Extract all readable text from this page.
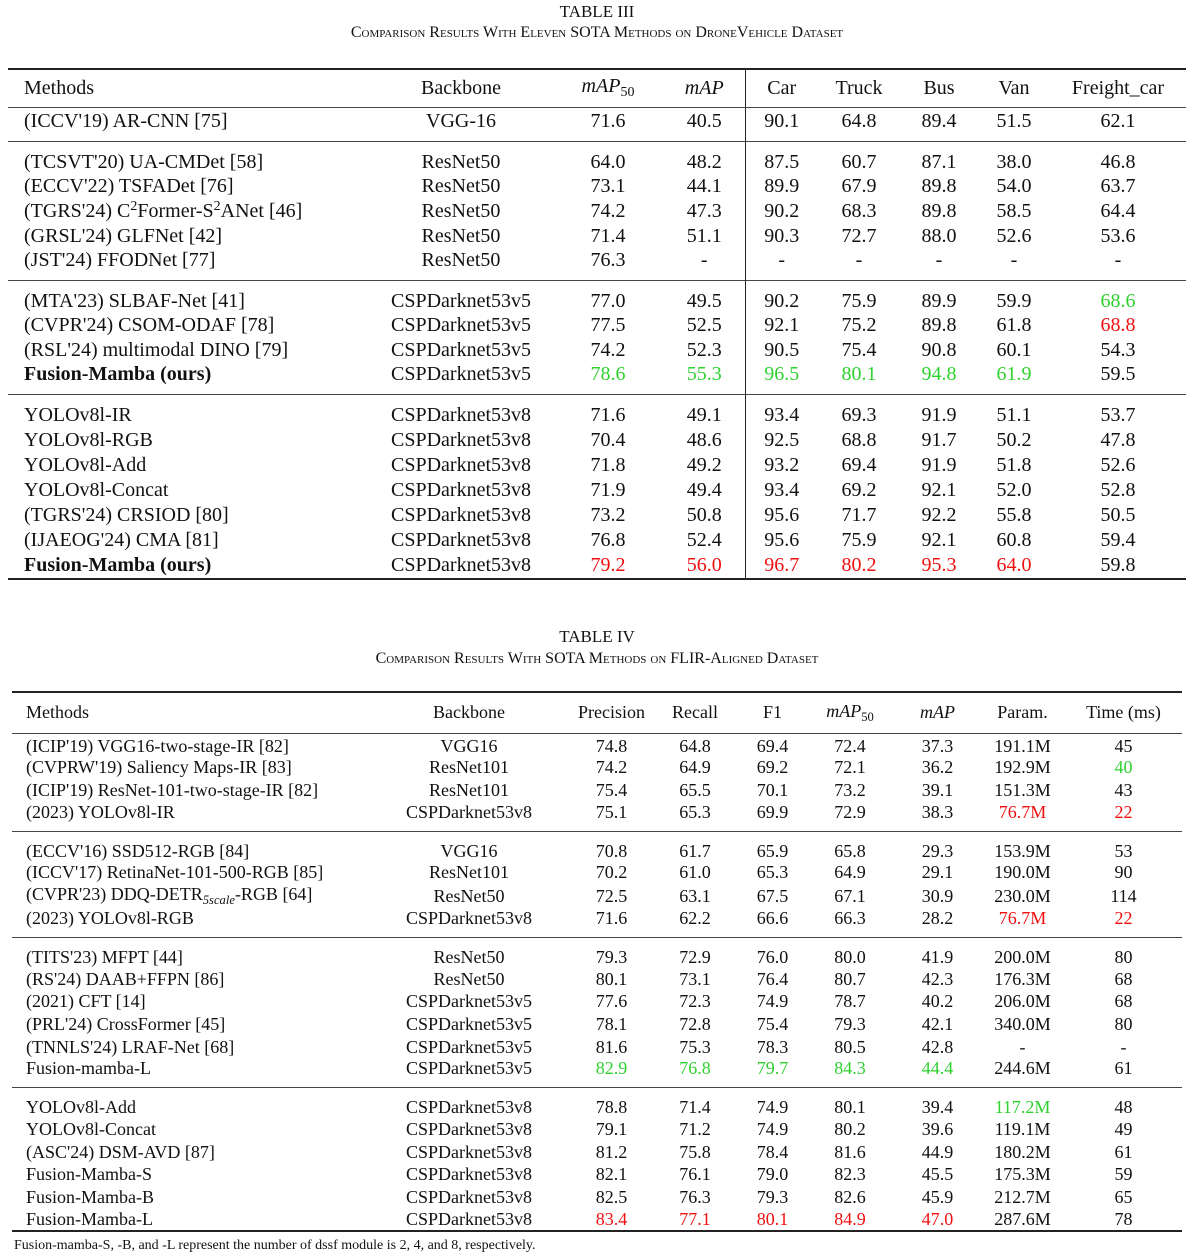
TABLE III
Comparison Results With Eleven SOTA Methods on DroneVehicle Dataset
Methods	Backbone	mAP$_{50}$	mAP	Car	Truck	Bus	Van	Freight_car
(ICCV'19) AR-CNN [75]	VGG-16	71.6	40.5	90.1	64.8	89.4	51.5	62.1
(TCSVT'20) UA-CMDet [58]	ResNet50	64.0	48.2	87.5	60.7	87.1	38.0	46.8
(ECCV'22) TSFADet [76]	ResNet50	73.1	44.1	89.9	67.9	89.8	54.0	63.7
(TGRS'24) $C^2Former-S^2ANet$ [46]	ResNet50	74.2	47.3	90.2	68.3	89.8	58.5	64.4
(GRSL'24) GLFNet [42]	ResNet50	71.4	51.1	90.3	72.7	88.0	52.6	53.6
(JST'24) FFODNet [77]	ResNet50	76.3	-	-	-	-	-	-
(MTA'23) SLBAF-Net [41]	CSPDarknet53v5	77.0	49.5	90.2	75.9	89.9	59.9	68.6
(CVPR'24) CSOM-ODAF [78]	CSPDarknet53v5	77.5	52.5	92.1	75.2	89.8	61.8	68.8
(RSL'24) multimodal DINO [79]	CSPDarknet53v5	74.2	52.3	90.5	75.4	90.8	60.1	54.3
Fusion-Mamba (ours)	CSPDarknet53v5	78.6	55.3	96.5	80.1	94.8	61.9	59.5
YOLOv8l-IR	CSPDarknet53v8	71.6	49.1	93.4	69.3	91.9	51.1	53.7
YOLOv8l-RGB	CSPDarknet53v8	70.4	48.6	92.5	68.8	91.7	50.2	47.8
YOLOv8l-Add	CSPDarknet53v8	71.8	49.2	93.2	69.4	91.9	51.8	52.6
YOLOv8l-Concat	CSPDarknet53v8	71.9	49.4	93.4	69.2	92.1	52.0	52.8
(TGRS'24) CRSIOD [80]	CSPDarknet53v8	73.2	50.8	95.6	71.7	92.2	55.8	50.5
(IJAEOG'24) CMA [81]	CSPDarknet53v8	76.8	52.4	95.6	75.9	92.1	60.8	59.4
Fusion-Mamba (ours)	CSPDarknet53v8	79.2	56.0	96.7	80.2	95.3	64.0	59.8
TABLE IV
Comparison Results With SOTA Methods on FLIR-Aligned Dataset
Methods	Backbone	Precision	Recall	F1	mAP$_{50}$	mAP	Param.	Time (ms)
(ICIP'19) VGG16-two-stage-IR [82]	VGG16	74.8	64.8	69.4	72.4	37.3	191.1M	45
(CVPRW'19) Saliency Maps-IR [83]	ResNet101	74.2	64.9	69.2	72.1	36.2	192.9M	40
(ICIP'19) ResNet-101-two-stage-IR [82]	ResNet101	75.4	65.5	70.1	73.2	39.1	151.3M	43
(2023) YOLOv8l-IR	CSPDarknet53v8	75.1	65.3	69.9	72.9	38.3	76.7M	22
(ECCV'16) SSD512-RGB [84]	VGG16	70.8	61.7	65.9	65.8	29.3	153.9M	53
(ICCV'17) RetinaNet-101-500-RGB [85]	ResNet101	70.2	61.0	65.3	64.9	29.1	190.0M	90
(CVPR'23) DDQ-$DETR_{5scale}$-RGB [64]	ResNet50	72.5	63.1	67.5	67.1	30.9	230.0M	114
(2023) YOLOv8l-RGB	CSPDarknet53v8	71.6	62.2	66.6	66.3	28.2	76.7M	22
(TITS'23) MFPT [44]	ResNet50	79.3	72.9	76.0	80.0	41.9	200.0M	80
(RS'24) DAAB+FFPN [86]	ResNet50	80.1	73.1	76.4	80.7	42.3	176.3M	68
(2021) CFT [14]	CSPDarknet53v5	77.6	72.3	74.9	78.7	40.2	206.0M	68
(PRL'24) CrossFormer [45]	CSPDarknet53v5	78.1	72.8	75.4	79.3	42.1	340.0M	80
(TNNLS'24) LRAF-Net [68]	CSPDarknet53v5	81.6	75.3	78.3	80.5	42.8	-	-
Fusion-mamba-L	CSPDarknet53v5	82.9	76.8	79.7	84.3	44.4	244.6M	61
YOLOv8l-Add	CSPDarknet53v8	78.8	71.4	74.9	80.1	39.4	117.2M	48
YOLOv8l-Concat	CSPDarknet53v8	79.1	71.2	74.9	80.2	39.6	119.1M	49
(ASC'24) DSM-AVD [87]	CSPDarknet53v8	81.2	75.8	78.4	81.6	44.9	180.2M	61
Fusion-Mamba-S	CSPDarknet53v8	82.1	76.1	79.0	82.3	45.5	175.3M	59
Fusion-Mamba-B	CSPDarknet53v8	82.5	76.3	79.3	82.6	45.9	212.7M	65
Fusion-Mamba-L	CSPDarknet53v8	83.4	77.1	80.1	84.9	47.0	287.6M	78
Fusion-mamba-S, -B, and -L represent the number of dssf module is 2, 4, and 8, respectively.
